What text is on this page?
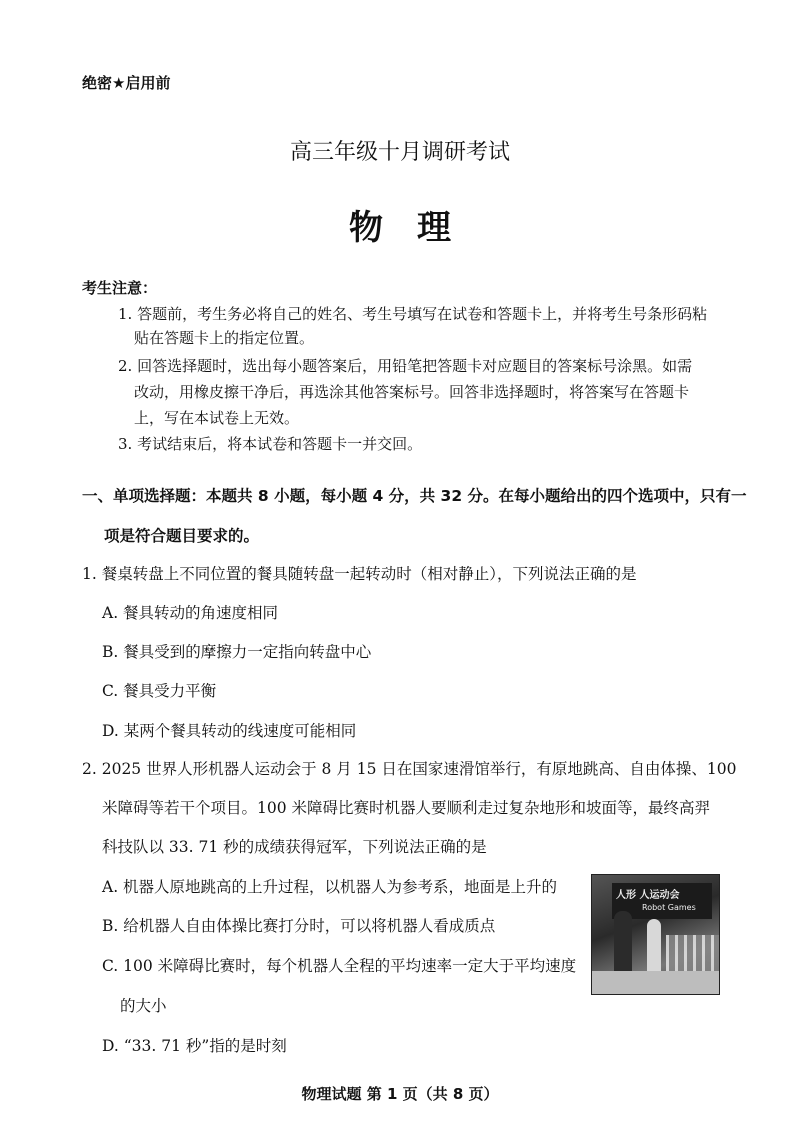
绝密★启用前
高三年级十月调研考试
物理
考生注意：
1. 答题前，考生务必将自己的姓名、考生号填写在试卷和答题卡上，并将考生号条形码粘
贴在答题卡上的指定位置。
2. 回答选择题时，选出每小题答案后，用铅笔把答题卡对应题目的答案标号涂黑。如需
改动，用橡皮擦干净后，再选涂其他答案标号。回答非选择题时，将答案写在答题卡
上，写在本试卷上无效。
3. 考试结束后，将本试卷和答题卡一并交回。
一、单项选择题：本题共 8 小题，每小题 4 分，共 32 分。在每小题给出的四个选项中，只有一
项是符合题目要求的。
1. 餐桌转盘上不同位置的餐具随转盘一起转动时（相对静止），下列说法正确的是
A. 餐具转动的角速度相同
B. 餐具受到的摩擦力一定指向转盘中心
C. 餐具受力平衡
D. 某两个餐具转动的线速度可能相同
2. 2025 世界人形机器人运动会于 8 月 15 日在国家速滑馆举行，有原地跳高、自由体操、100
米障碍等若干个项目。100 米障碍比赛时机器人要顺利走过复杂地形和坡面等，最终高羿
科技队以 33. 71 秒的成绩获得冠军，下列说法正确的是
A. 机器人原地跳高的上升过程，以机器人为参考系，地面是上升的
B. 给机器人自由体操比赛打分时，可以将机器人看成质点
C. 100 米障碍比赛时，每个机器人全程的平均速率一定大于平均速度
的大小
D. “33. 71 秒”指的是时刻
人形 人运动会
Robot Games
物理试题 第 1 页（共 8 页）
